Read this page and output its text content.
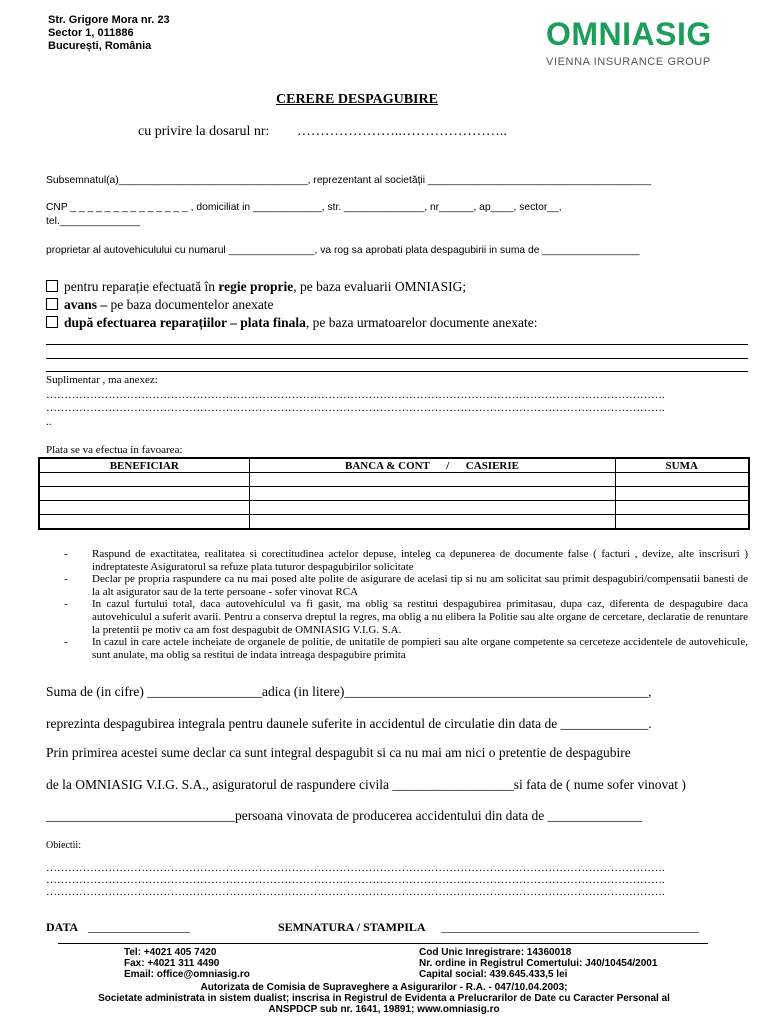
Str. Grigore Mora nr. 23
Sector 1, 011886
București, România	OMNIASIG
VIENNA INSURANCE GROUP
CERERE DESPAGUBIRE
cu privire la dosarul nr: …………………..…………………..
Subsemnatul(a)_________________________________, reprezentant al societății _______________________________________
CNP _ _ _ _ _ _ _ _ _ _ _ _ _ _ , domiciliat in ____________, str. ______________, nr______, ap____, sector__,
tel.______________
proprietar al autovehiculului cu numarul _______________, va rog sa aprobati plata despagubirii in suma de _________________
pentru reparație efectuată în regie proprie, pe baza evaluarii OMNIASIG;
avans – pe baza documentelor anexate
după efectuarea reparațiilor – plata finala, pe baza urmatoarelor documente anexate:
Suplimentar , ma anexez:
…………………………………………………………………………………………………………………………………………………….
…………………………………………………………………………………………………………………………………………………….
..
Plata se va efectua in favoarea:
BENEFICIAR	BANCA & CONT      /      CASIERIE	SUMA

- Raspund de exactitatea, realitatea si corectitudinea actelor depuse, inteleg ca depunerea de documente false ( facturi , devize, alte inscrisuri ) indreptateste Asiguratorul sa refuze plata tuturor despagubirilor solicitate
- Declar pe propria raspundere ca nu mai posed alte polite de asigurare de acelasi tip si nu am solicitat sau primit despagubiri/compensatii banesti de la alt asigurator sau de la terte persoane - sofer vinovat RCA
- In cazul furtului total, daca autovehiculul va fi gasit, ma oblig sa restitui despagubirea primitasau, dupa caz, diferenta de despagubire daca autovehiculul a suferit avarii. Pentru a conserva dreptul la regres, ma oblig a nu elibera la Politie sau alte organe de cercetare, declaratie de renuntare la pretentii pe motiv ca am fost despagubit de OMNIASIG V.I.G. S.A.
- In cazul in care actele incheiate de organele de politie, de unitatile de pompieri sau alte organe competente sa cerceteze accidentele de autovehicule, sunt anulate, ma oblig sa restitui de indata intreaga despagubire primita
Suma de (in cifre) _________________adica (in litere)_____________________________________________,
reprezinta despagubirea integrala pentru daunele suferite in accidentul de circulatie din data de _____________.
Prin primirea acestei sume declar ca sunt integral despagubit si ca nu mai am nici o pretentie de despagubire
de la OMNIASIG V.I.G. S.A., asiguratorul de raspundere civila __________________si fata de ( nume sofer vinovat )
____________________________persoana vinovata de producerea accidentului din data de ______________
Obiectii:
…………………………………………………………………………………………………………………………………………………….
…………………………………………………………………………………………………………………………………………………….
…………………………………………………………………………………………………………………………………………………….
DATA _________________	SEMNATURA / STAMPILA ___________________________________________
Tel: +4021 405 7420
Fax: +4021 311 4490
Email: office@omniasig.ro
Cod Unic Inregistrare: 14360018
Nr. ordine in Registrul Comertului: J40/10454/2001
Capital social: 439.645.433,5 lei
Autorizata de Comisia de Supraveghere a Asigurarilor - R.A. - 047/10.04.2003;
Societate administrata in sistem dualist; inscrisa in Registrul de Evidenta a Prelucrarilor de Date cu Caracter Personal al
ANSPDCP sub nr. 1641, 19891; www.omniasig.ro
